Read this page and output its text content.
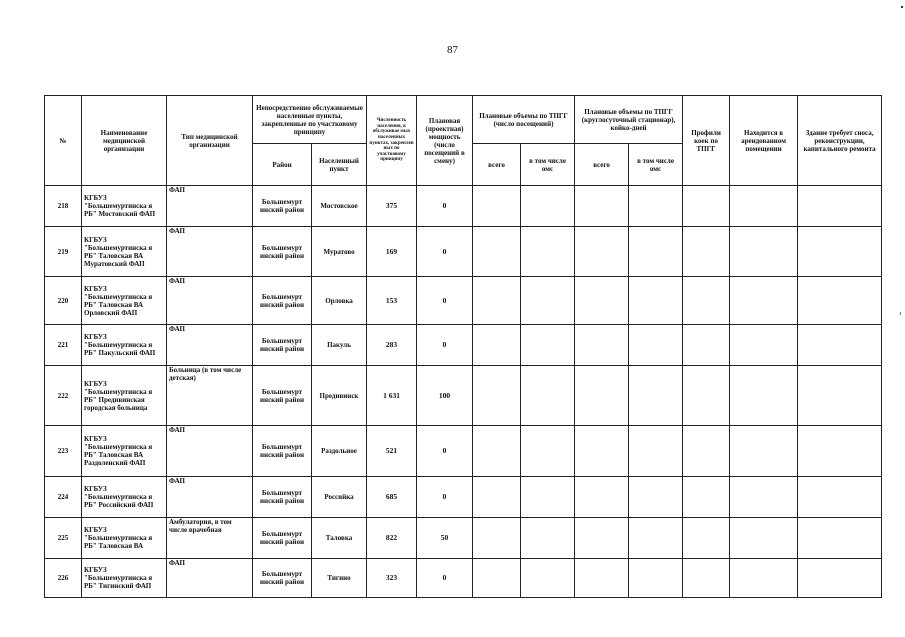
87
№	Наименование медицинской организации	Тип медицинской организации	Непосредственно обслуживаемые населенные пункты, закрепленные по участковому принципу		Численность населения, в обслуживае мых населенных пунктах, закреплен ных по участковому принципу	Плановая (проектная) мощность (число посещений в смену)	Плановые объемы по ТПГГ (число посещений)		Плановые объемы по ТПГГ (круглосуточный стационар), койко-дней		Профили коек по ТПГГ	Находится в арендованном помещении	Здание требует сноса, реконструкции, капитального ремонта
			Район	Населенный пункт			всего	в том числе омс	всего	в том числе омс			
218	КГБУЗ "Большемуртинска я РБ" Мостовский ФАП	ФАП	Большемурт инский район	Мостовское	375	0							
219	КГБУЗ "Большемуртинска я РБ" Таловская ВА Муратовский ФАП	ФАП	Большемурт инский район	Муратово	169	0							
220	КГБУЗ "Большемуртинска я РБ" Таловская ВА Орловский ФАП	ФАП	Большемурт инский район	Орловка	153	0							
221	КГБУЗ "Большемуртинска я РБ" Пакульский ФАП	ФАП	Большемурт инский район	Пакуль	283	0							
222	КГБУЗ "Большемуртинска я РБ" Предивинская городская больница	Больница (в том числе детская)	Большемурт инский район	Предивинск	1 631	100							
223	КГБУЗ "Большемуртинска я РБ" Таловская ВА Раздоленский ФАП	ФАП	Большемурт инский район	Раздольное	521	0							
224	КГБУЗ "Большемуртинска я РБ" Российский ФАП	ФАП	Большемурт инский район	Российка	685	0							
225	КГБУЗ "Большемуртинска я РБ" Таловская ВА	Амбулатория, в том числе врачебная	Большемурт инский район	Таловка	822	50							
226	КГБУЗ "Большемуртинска я РБ" Тигинский ФАП	ФАП	Большемурт инский район	Тигино	323	0							
